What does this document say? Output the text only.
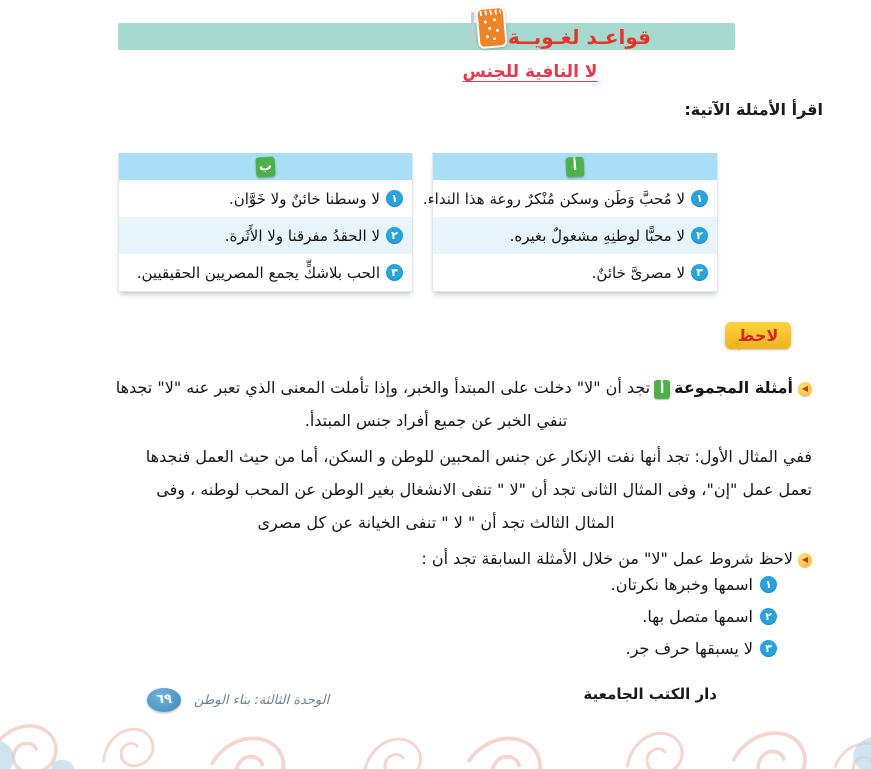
قواعـد لغـويــة
لا النافية للجنس
اقرأ الأمثلة الآتية:
أ
١
لا مُحبَّ وَطَن وسكن مُنْكرٌ روعة هذا النداء.
٢
لا محبًّا لوطنِهِ مشغولٌ بغيره.
٣
لا مصرىَّ خائنٌ.
ب
١
لا وسطنا خائنٌ ولا خَوَّان.
٢
لا الحقدُ مفرقنا ولا الأَثَرة.
٣
الحب بلاشكٍّ يجمع المصريين الحقيقيين.
لاحظ
◀أمثلة المجموعةأتجد أن "لا" دخلت على المبتدأ والخبر، وإذا تأملت المعنى الذي تعبر عنه "لا" تجدها
تنفي الخبر عن جميع أفراد جنس المبتدأ.
ففي المثال الأول: تجد أنها نفت الإنكار عن جنس المحبين للوطن و السكن، أما من حيث العمل فنجدها
تعمل عمل "إن"، وفى المثال الثانى تجد أن "لا " تنفى الانشغال بغير الوطن عن المحب لوطنه ، وفى
المثال الثالث تجد أن " لا " تنفى الخيانة عن كل مصرى
◀لاحظ شروط عمل "لا" من خلال الأمثلة السابقة تجد أن :
١
اسمها وخبرها نكرتان.
٢
اسمها متصل بها.
٣
لا يسبقها حرف جر.
دار الكتب الجامعية
٦٩	الوحدة الثالثة: بناء الوطن
